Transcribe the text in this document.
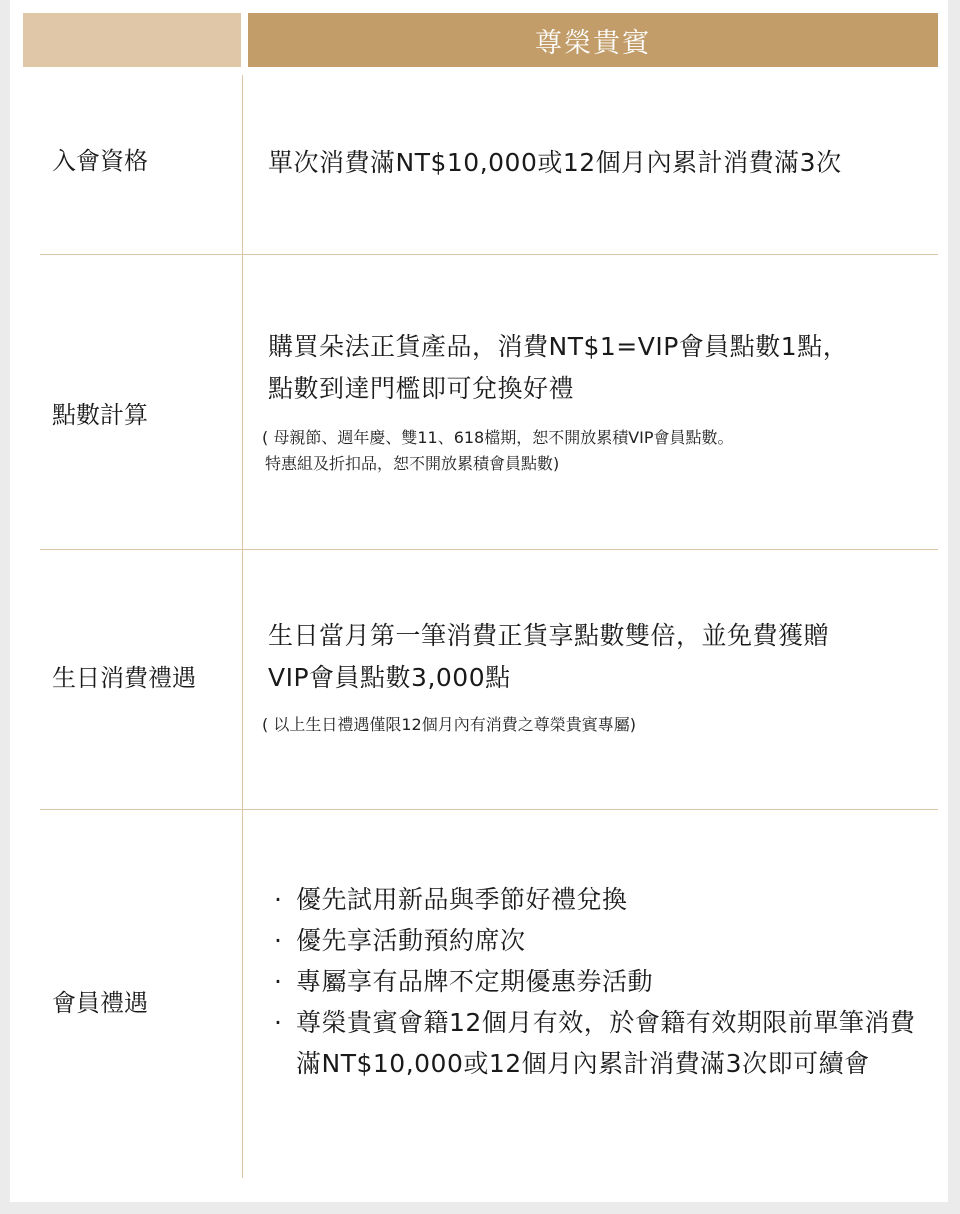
尊榮貴賓
入會資格	單次消費滿NT$10,000或12個月內累計消費滿3次
點數計算
購買朵法正貨產品，消費NT$1=VIP會員點數1點，
點數到達門檻即可兌換好禮
( 母親節、週年慶、雙11、618檔期，恕不開放累積VIP會員點數。
特惠組及折扣品，恕不開放累積會員點數)
生日消費禮遇
生日當月第一筆消費正貨享點數雙倍，並免費獲贈
VIP會員點數3,000點
( 以上生日禮遇僅限12個月內有消費之尊榮貴賓專屬)
會員禮遇
· 優先試用新品與季節好禮兌換
· 優先享活動預約席次
· 專屬享有品牌不定期優惠券活動
· 尊榮貴賓會籍12個月有效，於會籍有效期限前單筆消費滿NT$10,000或12個月內累計消費滿3次即可續會
